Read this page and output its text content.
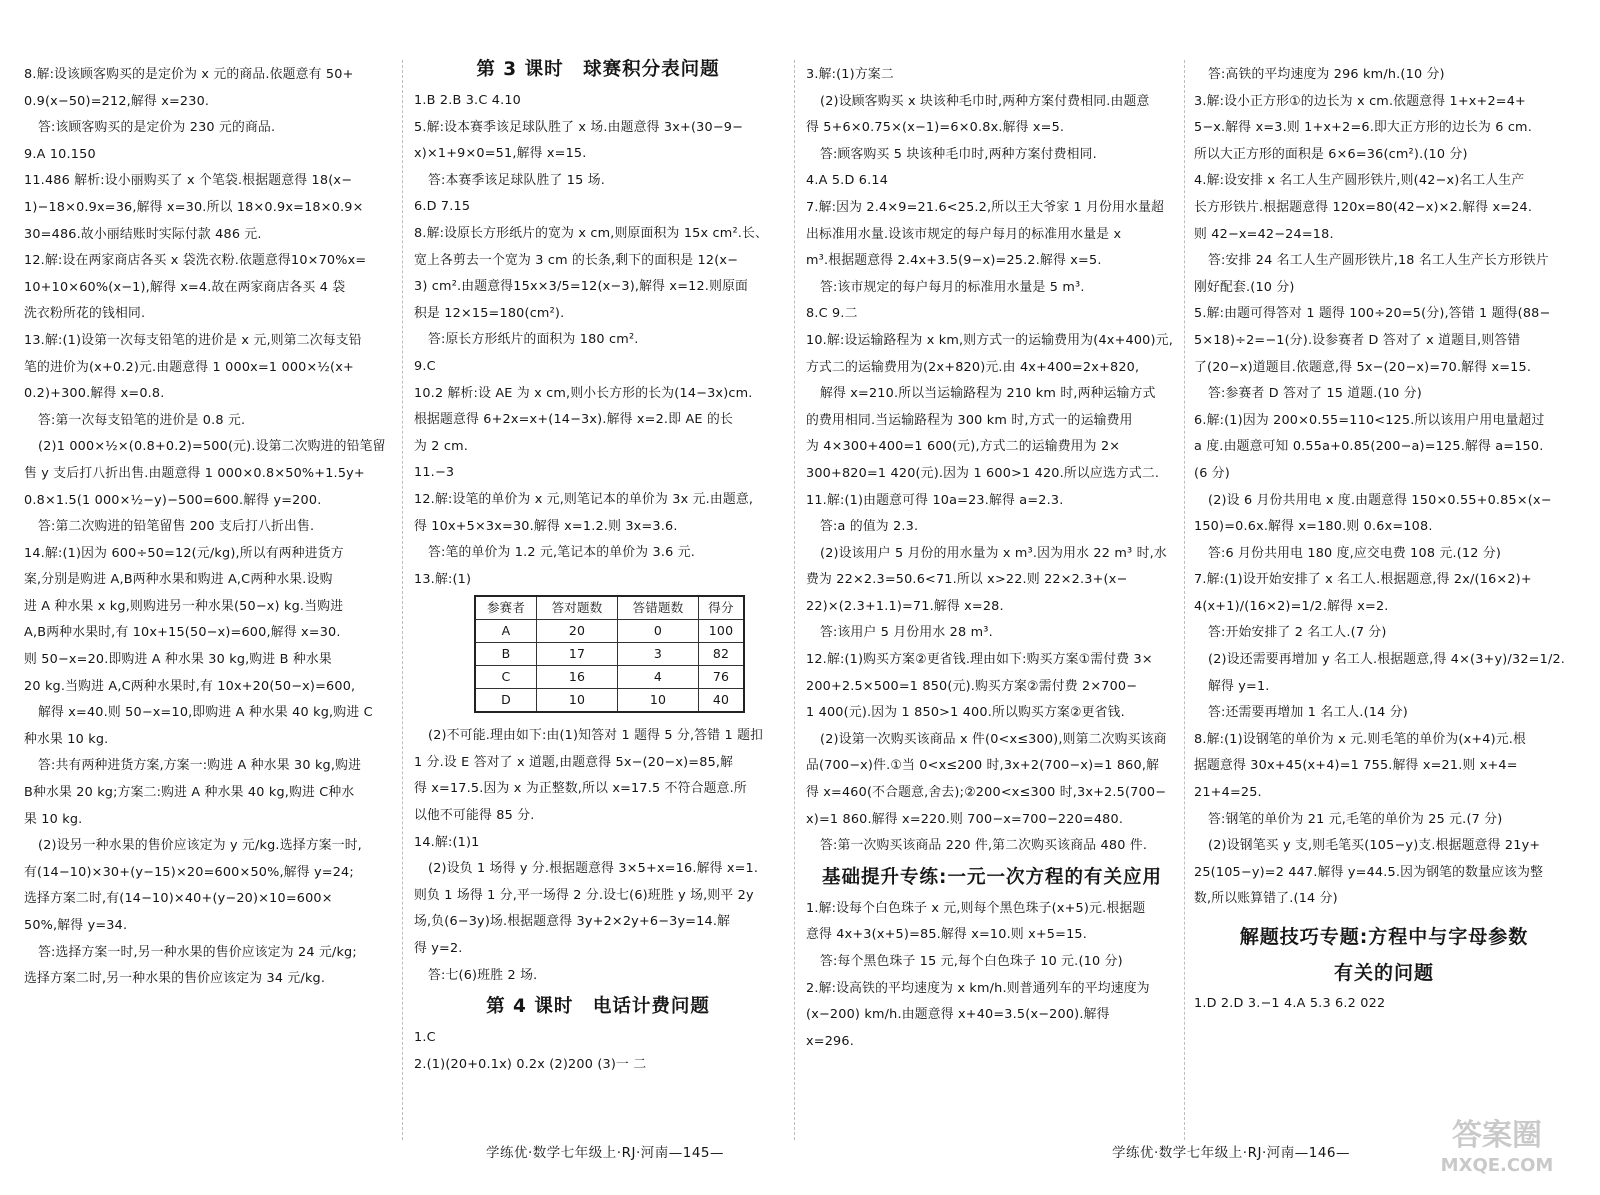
8.解:设该顾客购买的是定价为 x 元的商品.依题意有 50+

0.9(x−50)=212,解得 x=230.

答:该顾客购买的是定价为 230 元的商品.

9.A 10.150

11.486 解析:设小丽购买了 x 个笔袋.根据题意得 18(x−

1)−18×0.9x=36,解得 x=30.所以 18×0.9x=18×0.9×

30=486.故小丽结账时实际付款 486 元.

12.解:设在两家商店各买 x 袋洗衣粉.依题意得10×70%x=

10+10×60%(x−1),解得 x=4.故在两家商店各买 4 袋

洗衣粉所花的钱相同.

13.解:(1)设第一次每支铅笔的进价是 x 元,则第二次每支铅

笔的进价为(x+0.2)元.由题意得 1 000x=1 000×½(x+

0.2)+300.解得 x=0.8.

答:第一次每支铅笔的进价是 0.8 元.

(2)1 000×½×(0.8+0.2)=500(元).设第二次购进的铅笔留

售 y 支后打八折出售.由题意得 1 000×0.8×50%+1.5y+

0.8×1.5(1 000×½−y)−500=600.解得 y=200.

答:第二次购进的铅笔留售 200 支后打八折出售.

14.解:(1)因为 600÷50=12(元/kg),所以有两种进货方

案,分别是购进 A,B两种水果和购进 A,C两种水果.设购

进 A 种水果 x kg,则购进另一种水果(50−x) kg.当购进

A,B两种水果时,有 10x+15(50−x)=600,解得 x=30.

则 50−x=20.即购进 A 种水果 30 kg,购进 B 种水果

20 kg.当购进 A,C两种水果时,有 10x+20(50−x)=600,

解得 x=40.则 50−x=10,即购进 A 种水果 40 kg,购进 C

种水果 10 kg.

答:共有两种进货方案,方案一:购进 A 种水果 30 kg,购进

B种水果 20 kg;方案二:购进 A 种水果 40 kg,购进 C种水

果 10 kg.

(2)设另一种水果的售价应该定为 y 元/kg.选择方案一时,

有(14−10)×30+(y−15)×20=600×50%,解得 y=24;

选择方案二时,有(14−10)×40+(y−20)×10=600×

50%,解得 y=34.

答:选择方案一时,另一种水果的售价应该定为 24 元/kg;

选择方案二时,另一种水果的售价应该定为 34 元/kg.

第 3 课时　球赛积分表问题

1.B 2.B 3.C 4.10

5.解:设本赛季该足球队胜了 x 场.由题意得 3x+(30−9−

x)×1+9×0=51,解得 x=15.

答:本赛季该足球队胜了 15 场.

6.D 7.15

8.解:设原长方形纸片的宽为 x cm,则原面积为 15x cm².长、

宽上各剪去一个宽为 3 cm 的长条,剩下的面积是 12(x−

3) cm².由题意得15x×3/5=12(x−3),解得 x=12.则原面

积是 12×15=180(cm²).

答:原长方形纸片的面积为 180 cm².

9.C

10.2 解析:设 AE 为 x cm,则小长方形的长为(14−3x)cm.

根据题意得 6+2x=x+(14−3x).解得 x=2.即 AE 的长

为 2 cm.

11.−3

12.解:设笔的单价为 x 元,则笔记本的单价为 3x 元.由题意,

得 10x+5×3x=30.解得 x=1.2.则 3x=3.6.

答:笔的单价为 1.2 元,笔记本的单价为 3.6 元.

13.解:(1)

参赛者	答对题数	答错题数	得分
A	20	0	100
B	17	3	82
C	16	4	76
D	10	10	40

(2)不可能.理由如下:由(1)知答对 1 题得 5 分,答错 1 题扣

1 分.设 E 答对了 x 道题,由题意得 5x−(20−x)=85,解

得 x=17.5.因为 x 为正整数,所以 x=17.5 不符合题意.所

以他不可能得 85 分.

14.解:(1)1

(2)设负 1 场得 y 分.根据题意得 3×5+x=16.解得 x=1.

则负 1 场得 1 分,平一场得 2 分.设七(6)班胜 y 场,则平 2y

场,负(6−3y)场.根据题意得 3y+2×2y+6−3y=14.解

得 y=2.

答:七(6)班胜 2 场.

第 4 课时　电话计费问题

1.C

2.(1)(20+0.1x) 0.2x (2)200 (3)一 二

3.解:(1)方案二

(2)设顾客购买 x 块该种毛巾时,两种方案付费相同.由题意

得 5+6×0.75×(x−1)=6×0.8x.解得 x=5.

答:顾客购买 5 块该种毛巾时,两种方案付费相同.

4.A 5.D 6.14

7.解:因为 2.4×9=21.6<25.2,所以王大爷家 1 月份用水量超

出标准用水量.设该市规定的每户每月的标准用水量是 x

m³.根据题意得 2.4x+3.5(9−x)=25.2.解得 x=5.

答:该市规定的每户每月的标准用水量是 5 m³.

8.C 9.二

10.解:设运输路程为 x km,则方式一的运输费用为(4x+400)元,

方式二的运输费用为(2x+820)元.由 4x+400=2x+820,

解得 x=210.所以当运输路程为 210 km 时,两种运输方式

的费用相同.当运输路程为 300 km 时,方式一的运输费用

为 4×300+400=1 600(元),方式二的运输费用为 2×

300+820=1 420(元).因为 1 600>1 420.所以应选方式二.

11.解:(1)由题意可得 10a=23.解得 a=2.3.

答:a 的值为 2.3.

(2)设该用户 5 月份的用水量为 x m³.因为用水 22 m³ 时,水

费为 22×2.3=50.6<71.所以 x>22.则 22×2.3+(x−

22)×(2.3+1.1)=71.解得 x=28.

答:该用户 5 月份用水 28 m³.

12.解:(1)购买方案②更省钱.理由如下:购买方案①需付费 3×

200+2.5×500=1 850(元).购买方案②需付费 2×700−

1 400(元).因为 1 850>1 400.所以购买方案②更省钱.

(2)设第一次购买该商品 x 件(0<x≤300),则第二次购买该商

品(700−x)件.①当 0<x≤200 时,3x+2(700−x)=1 860,解

得 x=460(不合题意,舍去);②200<x≤300 时,3x+2.5(700−

x)=1 860.解得 x=220.则 700−x=700−220=480.

答:第一次购买该商品 220 件,第二次购买该商品 480 件.

基础提升专练:一元一次方程的有关应用

1.解:设每个白色珠子 x 元,则每个黑色珠子(x+5)元.根据题

意得 4x+3(x+5)=85.解得 x=10.则 x+5=15.

答:每个黑色珠子 15 元,每个白色珠子 10 元.(10 分)

2.解:设高铁的平均速度为 x km/h.则普通列车的平均速度为

(x−200) km/h.由题意得 x+40=3.5(x−200).解得

x=296.

答:高铁的平均速度为 296 km/h.(10 分)

3.解:设小正方形①的边长为 x cm.依题意得 1+x+2=4+

5−x.解得 x=3.则 1+x+2=6.即大正方形的边长为 6 cm.

所以大正方形的面积是 6×6=36(cm²).(10 分)

4.解:设安排 x 名工人生产圆形铁片,则(42−x)名工人生产

长方形铁片.根据题意得 120x=80(42−x)×2.解得 x=24.

则 42−x=42−24=18.

答:安排 24 名工人生产圆形铁片,18 名工人生产长方形铁片

刚好配套.(10 分)

5.解:由题可得答对 1 题得 100÷20=5(分),答错 1 题得(88−

5×18)÷2=−1(分).设参赛者 D 答对了 x 道题目,则答错

了(20−x)道题目.依题意,得 5x−(20−x)=70.解得 x=15.

答:参赛者 D 答对了 15 道题.(10 分)

6.解:(1)因为 200×0.55=110<125.所以该用户用电量超过

a 度.由题意可知 0.55a+0.85(200−a)=125.解得 a=150.

(6 分)

(2)设 6 月份共用电 x 度.由题意得 150×0.55+0.85×(x−

150)=0.6x.解得 x=180.则 0.6x=108.

答:6 月份共用电 180 度,应交电费 108 元.(12 分)

7.解:(1)设开始安排了 x 名工人.根据题意,得 2x/(16×2)+

4(x+1)/(16×2)=1/2.解得 x=2.

答:开始安排了 2 名工人.(7 分)

(2)设还需要再增加 y 名工人.根据题意,得 4×(3+y)/32=1/2.

解得 y=1.

答:还需要再增加 1 名工人.(14 分)

8.解:(1)设钢笔的单价为 x 元.则毛笔的单价为(x+4)元.根

据题意得 30x+45(x+4)=1 755.解得 x=21.则 x+4=

21+4=25.

答:钢笔的单价为 21 元,毛笔的单价为 25 元.(7 分)

(2)设钢笔买 y 支,则毛笔买(105−y)支.根据题意得 21y+

25(105−y)=2 447.解得 y=44.5.因为钢笔的数量应该为整

数,所以账算错了.(14 分)

解题技巧专题:方程中与字母参数
有关的问题

1.D 2.D 3.−1 4.A 5.3 6.2 022

学练优·数学七年级上·RJ·河南—145—	学练优·数学七年级上·RJ·河南—146—	答案圈
MXQE.COM
